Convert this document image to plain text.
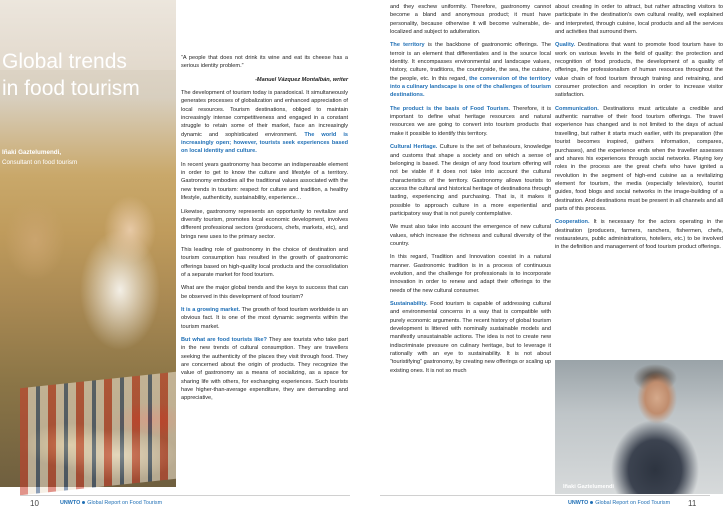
Global trends
in food tourism
Iñaki Gaztelumendi,
Consultant on food tourism

“A people that does not drink its wine and eat its cheese has a serious identity problem.”

-Manuel Vázquez Montalbán, writer

The development of tourism today is paradoxical. It simultaneously generates processes of globalization and enhanced appreciation of local resources. Tourism destinations, obliged to maintain increasingly intense competitiveness and engaged in a constant struggle to retain some of their market, face an increasingly dynamic and sophisticated environment. The world is increasingly open; however, tourists seek experiences based on local identity and culture.

In recent years gastronomy has become an indispensable element in order to get to know the culture and lifestyle of a territory. Gastronomy embodies all the traditional values associated with the new trends in tourism: respect for culture and tradition, a healthy lifestyle, authenticity, sustainability, experience…

Likewise, gastronomy represents an opportunity to revitalize and diversify tourism, promotes local economic development, involves different professional sectors (producers, chefs, markets, etc), and brings new uses to the primary sector.

This leading role of gastronomy in the choice of destination and tourism consumption has resulted in the growth of gastronomic offerings based on high-quality local products and the consolidation of a separate market for food tourism.

What are the major global trends and the keys to success that can be observed in this development of food tourism?

It is a growing market. The growth of food tourism worldwide is an obvious fact. It is one of the most dynamic segments within the tourism market.

But what are food tourists like? They are tourists who take part in the new trends of cultural consumption. They are travellers seeking the authenticity of the places they visit through food. They are concerned about the origin of products. They recognize the value of gastronomy as a means of socializing, as a space for sharing life with others, for exchanging experiences. Such tourists have higher-than-average expenditure, they are demanding and appreciative,

10	UNWTO Global Report on Food Tourism

and they eschew uniformity. Therefore, gastronomy cannot become a bland and anonymous product; it must have personality, because otherwise it will become vulnerable, de-localized and subject to adulteration.

The territory is the backbone of gastronomic offerings. The terroir is an element that differentiates and is the source local identity. It encompasses environmental and landscape values, history, culture, traditions, the countryside, the sea, the cuisine, the people, etc. In this regard, the conversion of the territory into a culinary landscape is one of the challenges of tourism destinations.

The product is the basis of Food Tourism. Therefore, it is important to define what heritage resources and natural resources we are going to convert into tourism products that make it possible to identify this territory.

Cultural Heritage. Culture is the set of behaviours, knowledge and customs that shape a society and on which a sense of belonging is based. The design of any food tourism offering will not be viable if it does not take into account the cultural characteristics of the territory. Gastronomy allows tourists to access the cultural and historical heritage of destinations through tasting, experiencing and purchasing. That is, it makes it possible to approach culture in a more experiential and participatory way that is not purely contemplative.

We must also take into account the emergence of new cultural values, which increase the richness and cultural diversity of the country.

In this regard, Tradition and Innovation coexist in a natural manner. Gastronomic tradition is in a process of continuous evolution, and the challenge for professionals is to incorporate innovation in order to renew and adapt their offerings to the needs of the new cultural consumer.

Sustainability. Food tourism is capable of addressing cultural and environmental concerns in a way that is compatible with purely economic arguments. The recent history of global tourism development is littered with nominally sustainable models and manifestly unsustainable actions. The idea is not to create new indiscriminate pressure on culinary heritage, but to leverage it rationally with an eye to sustainability. It is not about “touristifying” gastronomy, by creating new offerings or scaling up existing ones. It is not so much

about creating in order to attract, but rather attracting visitors to participate in the destination’s own cultural reality, well explained and interpreted, through cuisine, local products and all the services and activities that surround them.

Quality. Destinations that want to promote food tourism have to work on various levels in the field of quality: the protection and recognition of food products, the development of a quality of offerings, the professionalism of human resources throughout the value chain of food tourism through training and retraining, and consumer protection and reception in order to increase visitor satisfaction.

Communication. Destinations must articulate a credible and authentic narrative of their food tourism offerings. The travel experience has changed and is not limited to the days of actual travelling, but rather it starts much earlier, with its preparation (the tourist becomes inspired, gathers information, compares, purchases), and the experience ends when the traveller assesses and shares his experiences through social networks. Playing key roles in the process are the great chefs who have ignited a revolution in the segment of high-end cuisine as a revitalizing element for tourism, the media (especially television), tourist guides, food blogs and social networks in the image-building of a destination. And destinations must be present in all channels and all parts of this process.

Cooperation. It is necessary for the actors operating in the destination (producers, farmers, ranchers, fishermen, chefs, restaurateurs, public administrations, hoteliers, etc.) to be involved in the definition and management of food tourism product offerings.

Iñaki Gaztelumendi
UNWTO Global Report on Food Tourism 11
